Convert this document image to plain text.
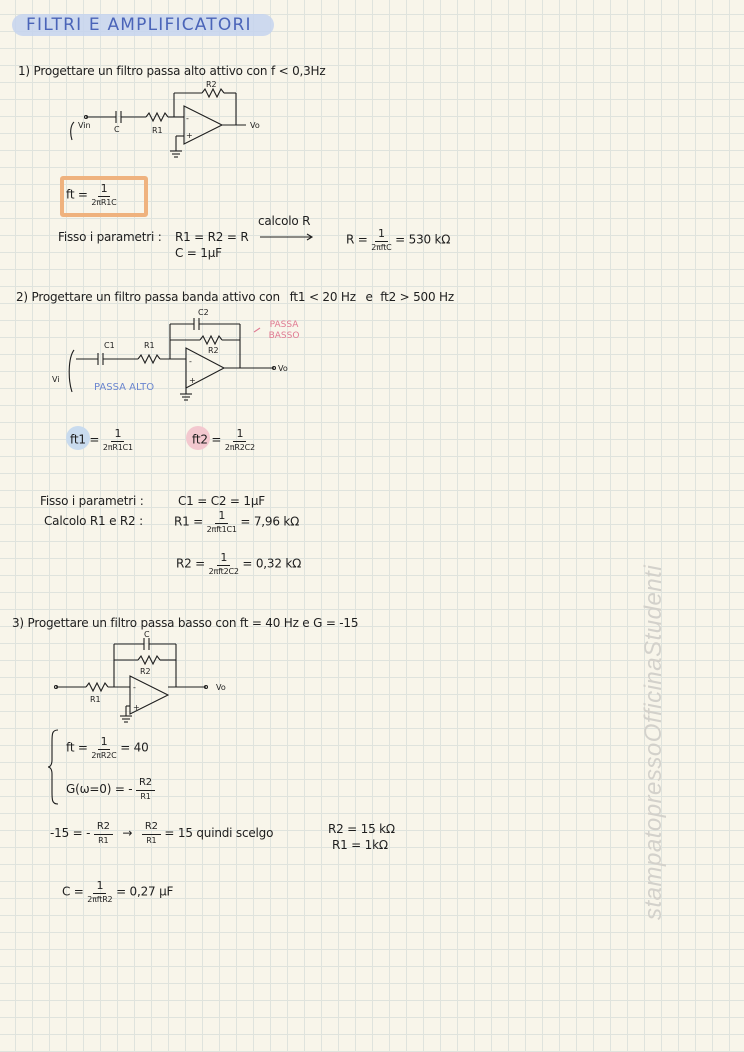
FILTRI E AMPLIFICATORI
1) Progettare un filtro passa alto attivo con f < 0,3Hz
R2
Vin	C	R1
-
+
Vo
ft = $\frac{1}{2\pi R1C}$
Fisso i parametri : R1 = R2 = R
C = 1μF
calcolo R
$R = \frac{1}{\text{2πftC}} = 530$ kΩ
2) Progettare un filtro passa banda attivo con ft1 < 20 Hz e ft2 > 500 Hz
C2
R2
C1	R1
Vi
Vo
-
+
PASSA BASSO
PASSA ALTO
$ft1 = \frac{1}{2\pi R1C1}$	$ft2 = \frac{1}{2\pi R2C2}$
Fisso i parametri :	C1 = C2 = 1μF
Calcolo R1 e R2 :	$R1 = \frac{1}{\text{2πft1C1}} = 7,96$ kΩ
$R2 = \frac{1}{\text{2πft2C2}} = 0,32$ kΩ
3) Progettare un filtro passa basso con ft = 40 Hz e G = -15
C
R2
R1
Vo
-
+
ft = $\frac{1}{2\pi R2C} = 40$
G(ω=0) = - $\frac{R2}{R1}$
-15 = - $\frac{R2}{R1} \to \frac{R2}{R1} = 15$ quindi scelgo	R2 = 15 kΩ
R1 = 1kΩ
$C = \frac{1}{\text{2πftR2}} = 0,27$ μF	stampatopressoOfficinaStudenti
